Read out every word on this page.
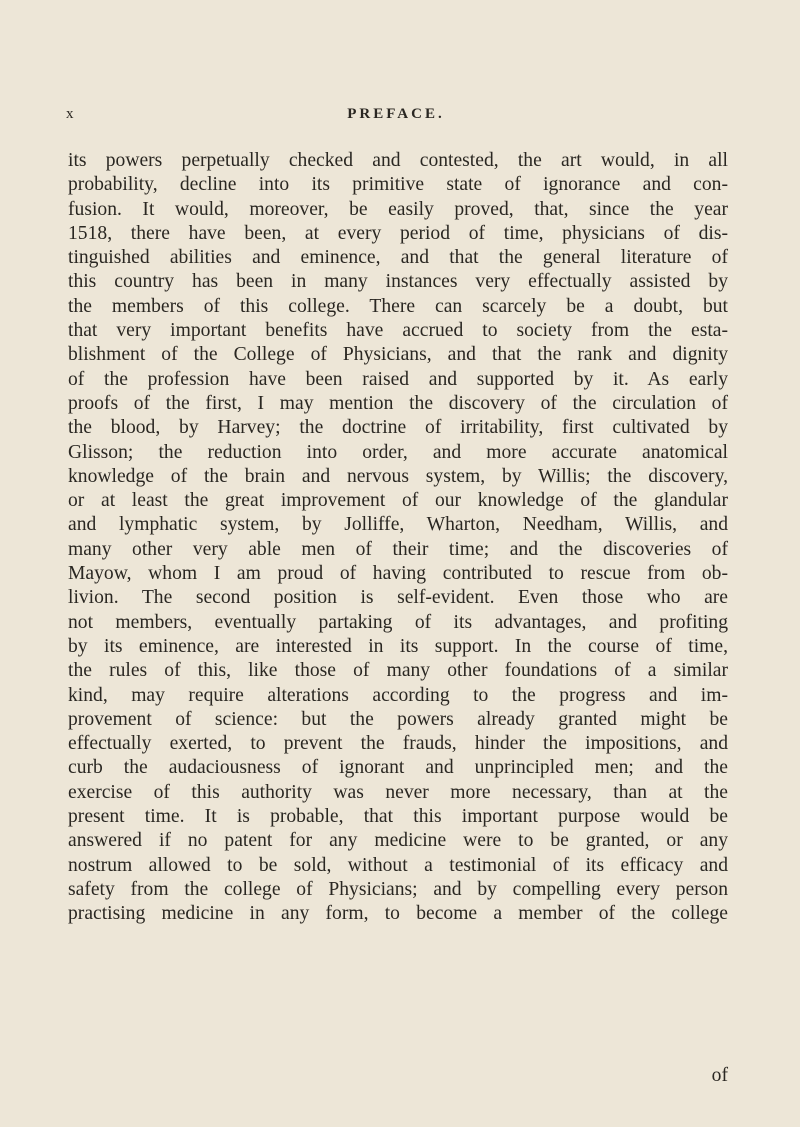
x	PREFACE.
its powers perpetually checked and contested, the art would, in all
probability, decline into its primitive state of ignorance and con-
fusion. It would, moreover, be easily proved, that, since the year
1518, there have been, at every period of time, physicians of dis-
tinguished abilities and eminence, and that the general literature of
this country has been in many instances very effectually assisted by
the members of this college. There can scarcely be a doubt, but
that very important benefits have accrued to society from the esta-
blishment of the College of Physicians, and that the rank and dignity
of the profession have been raised and supported by it. As early
proofs of the first, I may mention the discovery of the circulation of
the blood, by Harvey; the doctrine of irritability, first cultivated by
Glisson; the reduction into order, and more accurate anatomical
knowledge of the brain and nervous system, by Willis; the discovery,
or at least the great improvement of our knowledge of the glandular
and lymphatic system, by Jolliffe, Wharton, Needham, Willis, and
many other very able men of their time; and the discoveries of
Mayow, whom I am proud of having contributed to rescue from ob-
livion. The second position is self-evident. Even those who are
not members, eventually partaking of its advantages, and profiting
by its eminence, are interested in its support. In the course of time,
the rules of this, like those of many other foundations of a similar
kind, may require alterations according to the progress and im-
provement of science: but the powers already granted might be
effectually exerted, to prevent the frauds, hinder the impositions, and
curb the audaciousness of ignorant and unprincipled men; and the
exercise of this authority was never more necessary, than at the
present time. It is probable, that this important purpose would be
answered if no patent for any medicine were to be granted, or any
nostrum allowed to be sold, without a testimonial of its efficacy and
safety from the college of Physicians; and by compelling every person
practising medicine in any form, to become a member of the college
of
